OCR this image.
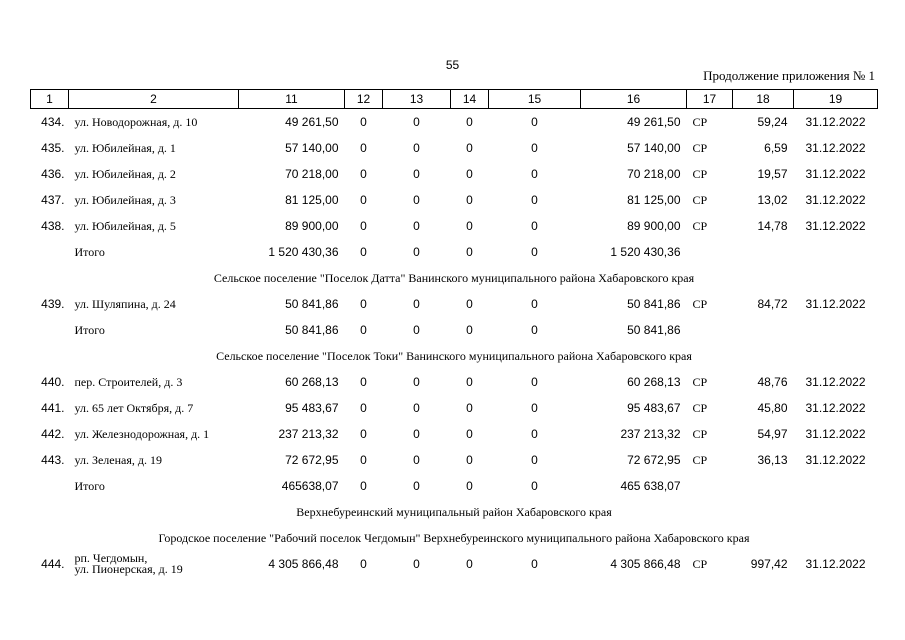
55
Продолжение приложения № 1
1	2	11	12	13	14	15	16	17	18	19
434.	ул. Новодорожная, д. 10	49 261,50	0	0	0	0	49 261,50	СР	59,24	31.12.2022
435.	ул. Юбилейная, д. 1	57 140,00	0	0	0	0	57 140,00	СР	6,59	31.12.2022
436.	ул. Юбилейная, д. 2	70 218,00	0	0	0	0	70 218,00	СР	19,57	31.12.2022
437.	ул. Юбилейная, д. 3	81 125,00	0	0	0	0	81 125,00	СР	13,02	31.12.2022
438.	ул. Юбилейная, д. 5	89 900,00	0	0	0	0	89 900,00	СР	14,78	31.12.2022
	Итого	1 520 430,36	0	0	0	0	1 520 430,36			
Сельское поселение "Поселок Датта" Ванинского муниципального района Хабаровского края										
439.	ул. Шуляпина, д. 24	50 841,86	0	0	0	0	50 841,86	СР	84,72	31.12.2022
	Итого	50 841,86	0	0	0	0	50 841,86			
Сельское поселение "Поселок Токи" Ванинского муниципального района Хабаровского края										
440.	пер. Строителей, д. 3	60 268,13	0	0	0	0	60 268,13	СР	48,76	31.12.2022
441.	ул. 65 лет Октября, д. 7	95 483,67	0	0	0	0	95 483,67	СР	45,80	31.12.2022
442.	ул. Железнодорожная, д. 1	237 213,32	0	0	0	0	237 213,32	СР	54,97	31.12.2022
443.	ул. Зеленая, д. 19	72 672,95	0	0	0	0	72 672,95	СР	36,13	31.12.2022
	Итого	465638,07	0	0	0	0	465 638,07			
Верхнебуреинский муниципальный район Хабаровского края										
Городское поселение "Рабочий поселок Чегдомын" Верхнебуреинского муниципального района Хабаровского края										
444.	рп. Чегдомын,
ул. Пионерская, д. 19	4 305 866,48	0	0	0	0	4 305 866,48	СР	997,42	31.12.2022
